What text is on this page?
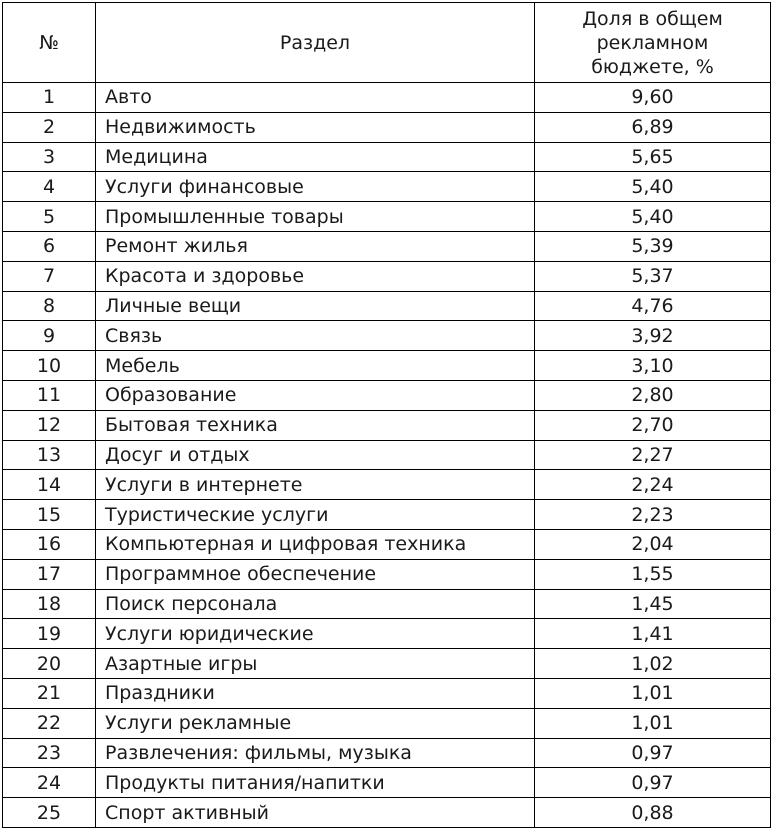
№	Раздел	Доля в общем
рекламном
бюджете, %

1	Авто	9,60
2	Недвижимость	6,89
3	Медицина	5,65
4	Услуги финансовые	5,40
5	Промышленные товары	5,40
6	Ремонт жилья	5,39
7	Красота и здоровье	5,37
8	Личные вещи	4,76
9	Связь	3,92
10	Мебель	3,10
11	Образование	2,80
12	Бытовая техника	2,70
13	Досуг и отдых	2,27
14	Услуги в интернете	2,24
15	Туристические услуги	2,23
16	Компьютерная и цифровая техника	2,04
17	Программное обеспечение	1,55
18	Поиск персонала	1,45
19	Услуги юридические	1,41
20	Азартные игры	1,02
21	Праздники	1,01
22	Услуги рекламные	1,01
23	Развлечения: фильмы, музыка	0,97
24	Продукты питания/напитки	0,97
25	Спорт активный	0,88
